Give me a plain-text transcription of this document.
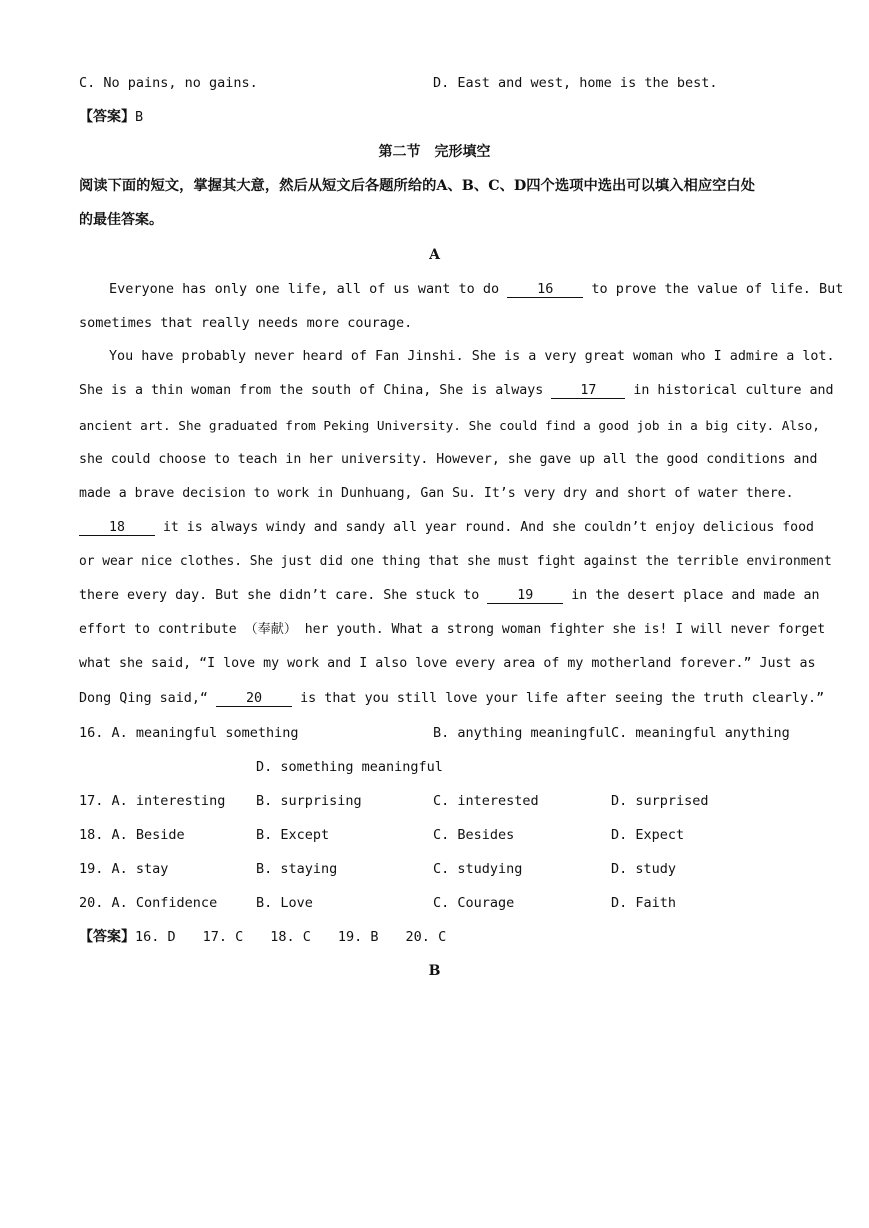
C. No pains, no gains.	D. East and west, home is the best.
【答案】B
第二节　完形填空
阅读下面的短文，掌握其大意，然后从短文后各题所给的A、B、C、D四个选项中选出可以填入相应空白处
的最佳答案。
A
Everyone has only one life, all of us want to do 16 to prove the value of life. But
sometimes that really needs more courage.
You have probably never heard of Fan Jinshi. She is a very great woman who I admire a lot.
She is a thin woman from the south of China, She is always 17 in historical culture and
ancient art. She graduated from Peking University. She could find a good job in a big city. Also,
she could choose to teach in her university. However, she gave up all the good conditions and
made a brave decision to work in Dunhuang, Gan Su. It’s very dry and short of water there.
18 it is always windy and sandy all year round. And she couldn’t enjoy delicious food
or wear nice clothes. She just did one thing that she must fight against the terrible environment
there every day. But she didn’t care. She stuck to 19 in the desert place and made an
effort to contribute （奉献） her youth. What a strong woman fighter she is! I will never forget
what she said, “I love my work and I also love every area of my motherland forever.” Just as
Dong Qing said,“ 20 is that you still love your life after seeing the truth clearly.”
16. A. meaningful something	B. anything meaningful C. meaningful anything
D. something meaningful
17. A. interesting B. surprising	C. interested	D. surprised
18. A. Beside	B. Except	C. Besides	D. Expect
19. A. stay	B. staying	C. studying	D. study
20. A. Confidence	B. Love	C. Courage	D. Faith
【答案】16. D　　17. C　　18. C　　19. B　　20. C
B
